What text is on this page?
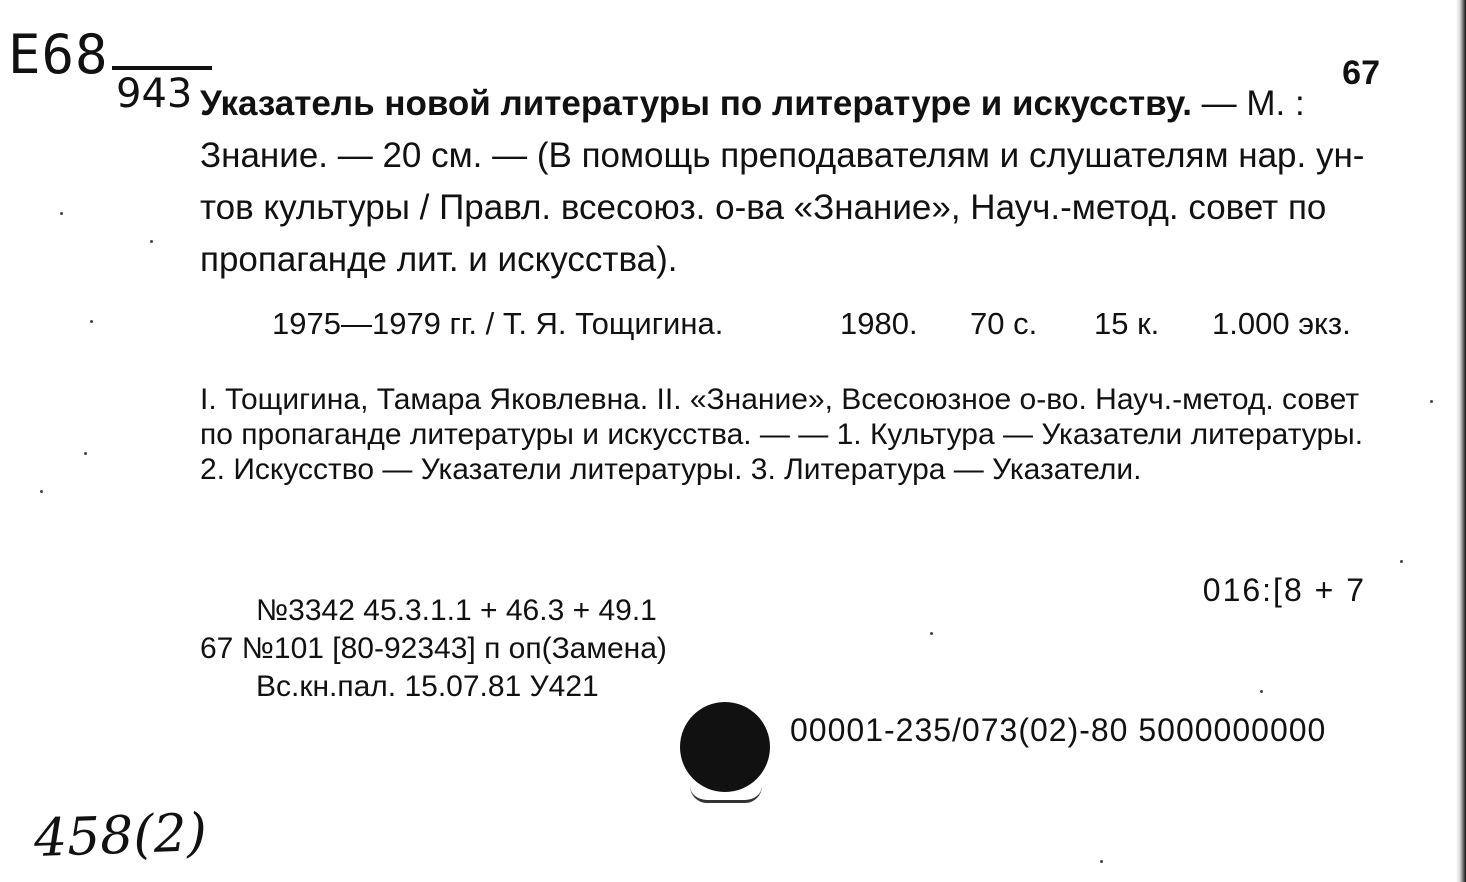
Е68
943	67
Указатель новой литературы по литературе и искусству. — М. : Знание. — 20 см. — (В помощь преподавателям и слушателям нар. ун-тов культуры / Правл. всесоюз. о-ва «Знание», Науч.-метод. совет по пропаганде лит. и искусства).
1975—1979 гг. / Т. Я. Тощигина.	1980. 70 с. 15 к. 1.000 экз.
I. Тощигина, Тамара Яковлевна. II. «Знание», Всесоюзное о-во. Науч.-метод. совет по пропаганде литературы и искусства. — — 1. Культура — Указатели литературы. 2. Искусство — Указатели литературы. 3. Литература — Указатели.
016:[8 + 7
№3342 45.3.1.1 + 46.3 + 49.1
67 №101 [80-92343] п оп(Замена)
Вс.кн.пал. 15.07.81 У421
00001-235/073(02)-80 5000000000
458(2)
